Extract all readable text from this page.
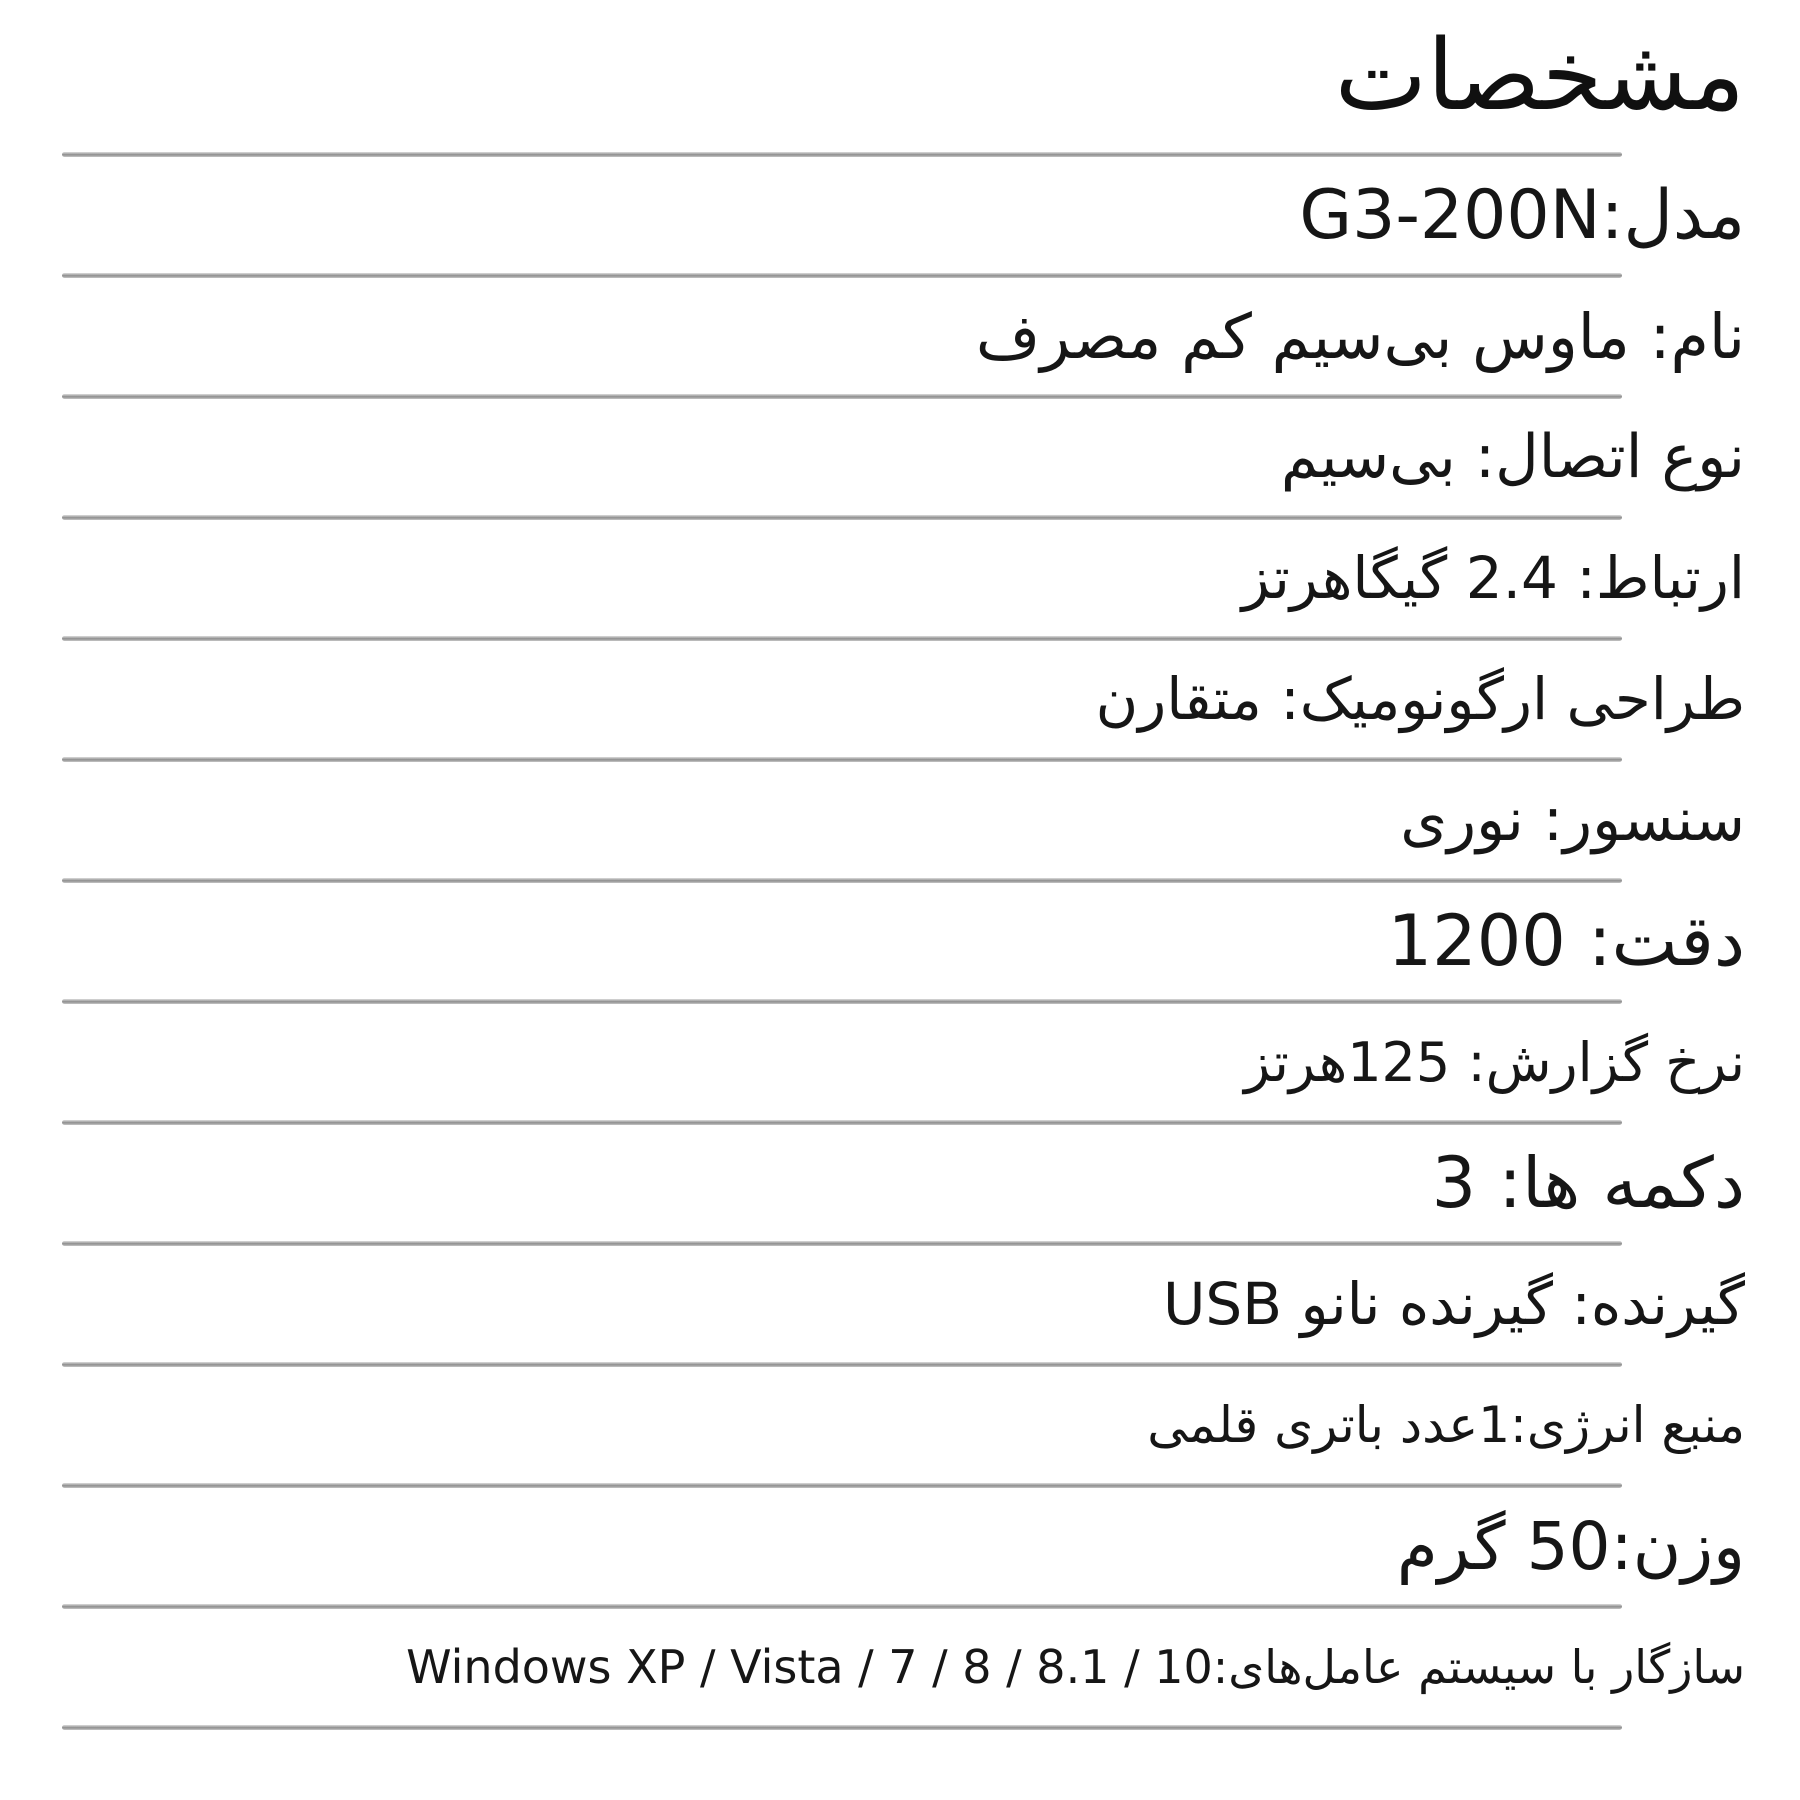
مشخصات
مدل:G3-200N
نام: ماوس بی‌سیم کم مصرف
نوع اتصال: بی‌سیم
ارتباط: 2.4 گیگاهرتز
طراحی ارگونومیک: متقارن
سنسور: نوری
دقت: 1200
نرخ گزارش: 125هرتز
دکمه ها: 3
گیرنده: گیرنده نانو USB
منبع انرژی:1عدد باتری قلمی
وزن:50 گرم
سازگار با سیستم عامل‌های:Windows XP / Vista / 7 / 8 / 8.1 / 10
